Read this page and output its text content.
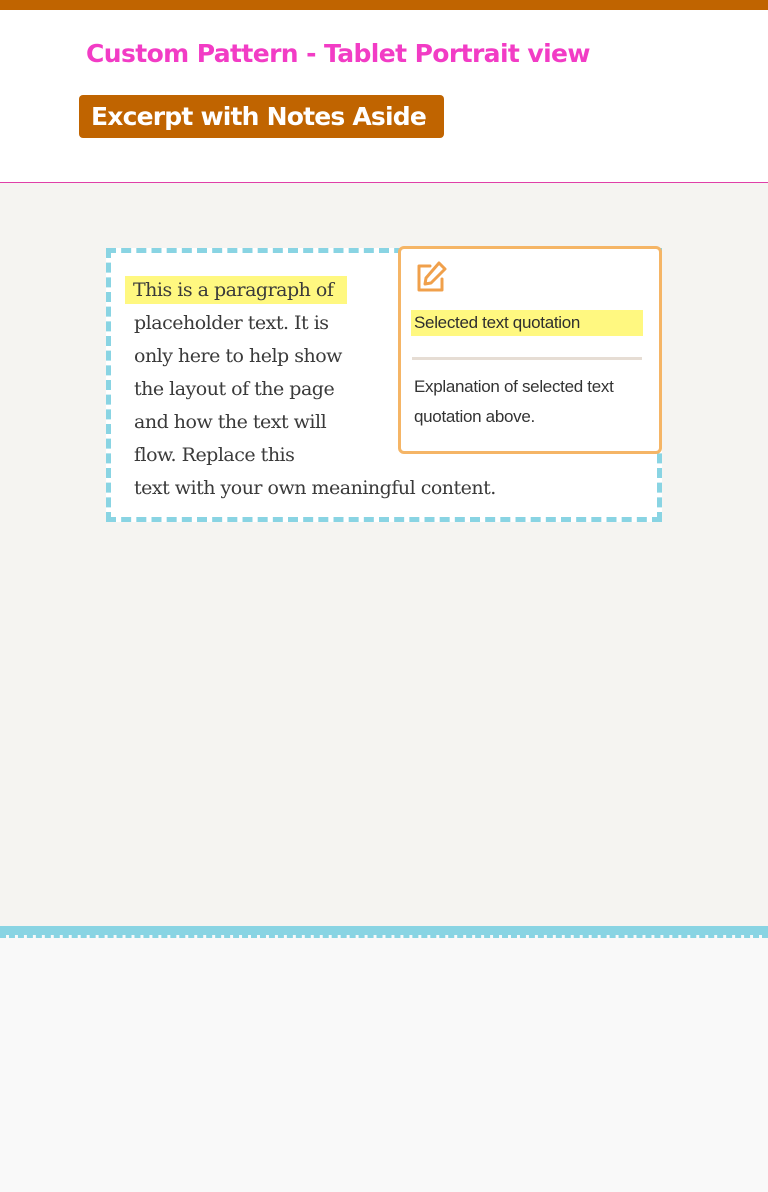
Custom Pattern - Tablet Portrait view
Excerpt with Notes Aside

This is a paragraph of
placeholder text. It is
only here to help show
the layout of the page
and how the text will
flow. Replace this
text with your own meaningful content.

Selected text quotation

Explanation of selected text quotation above.
